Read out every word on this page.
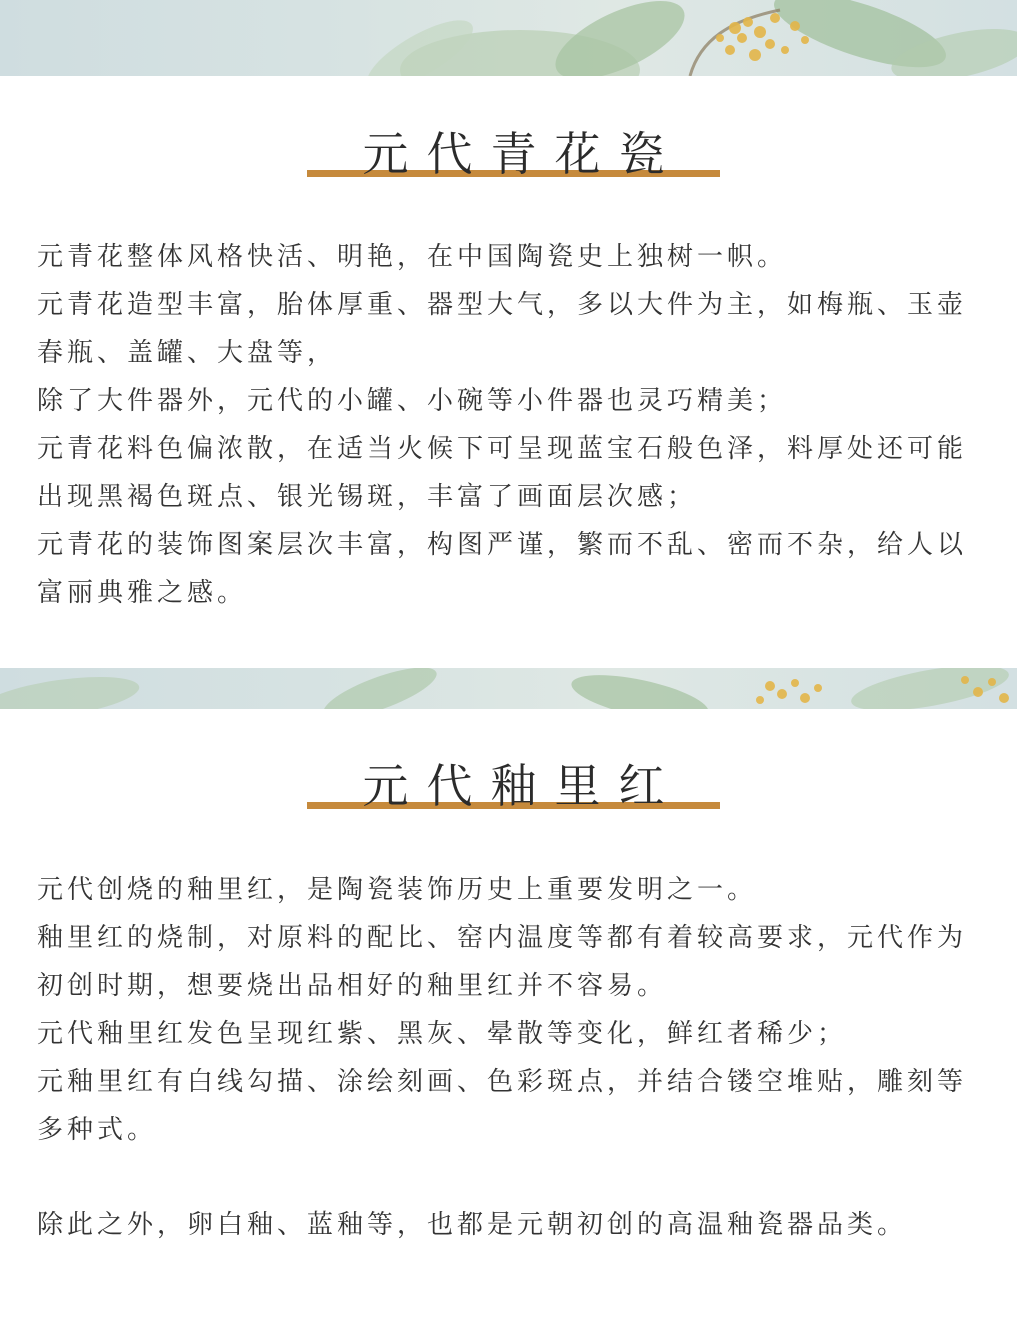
元代青花瓷

元青花整体风格快活、明艳，在中国陶瓷史上独树一帜。
元青花造型丰富，胎体厚重、器型大气，多以大件为主，如梅瓶、玉壶春瓶、盖罐、大盘等，
除了大件器外，元代的小罐、小碗等小件器也灵巧精美；
元青花料色偏浓散，在适当火候下可呈现蓝宝石般色泽，料厚处还可能出现黑褐色斑点、银光锡斑，丰富了画面层次感；
元青花的装饰图案层次丰富，构图严谨，繁而不乱、密而不杂，给人以富丽典雅之感。

元代釉里红

元代创烧的釉里红，是陶瓷装饰历史上重要发明之一。
釉里红的烧制，对原料的配比、窑内温度等都有着较高要求，元代作为初创时期，想要烧出品相好的釉里红并不容易。
元代釉里红发色呈现红紫、黑灰、晕散等变化，鲜红者稀少；
元釉里红有白线勾描、涂绘刻画、色彩斑点，并结合镂空堆贴，雕刻等多种式。

除此之外，卵白釉、蓝釉等，也都是元朝初创的高温釉瓷器品类。
